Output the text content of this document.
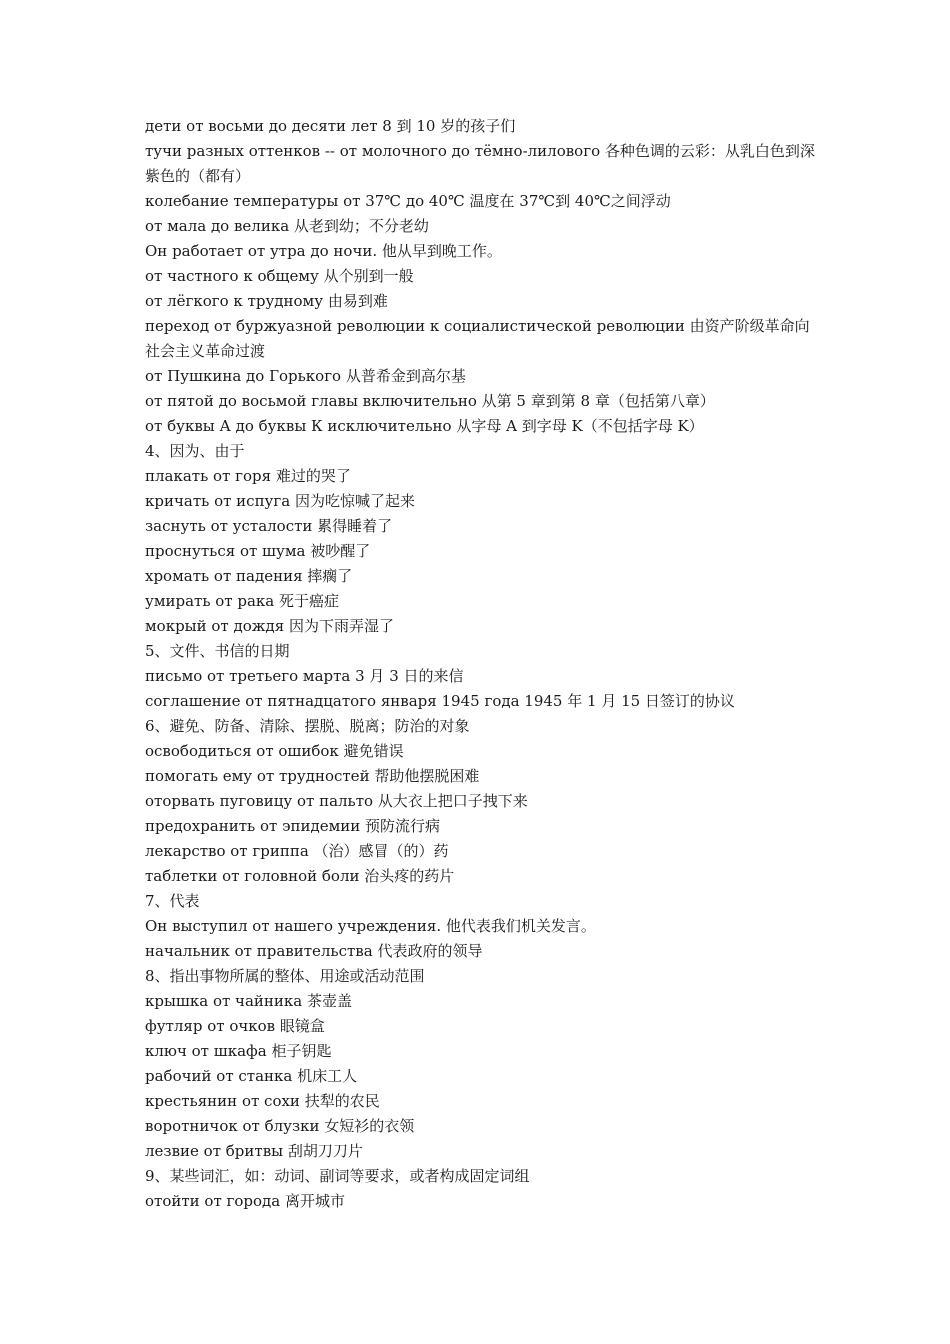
дети от восьми до десяти лет 8 到 10 岁的孩子们

тучи разных оттенков -- от молочного до тёмно-лилового 各种色调的云彩：从乳白色到深紫色的（都有）

колебание температуры от 37℃ до 40℃ 温度在 37℃到 40℃之间浮动

от мала до велика 从老到幼；不分老幼

Он работает от утра до ночи. 他从早到晚工作。

от частного к общему 从个别到一般

от лёгкого к трудному 由易到难

переход от буржуазной революции к социалистической революции 由资产阶级革命向社会主义革命过渡

от Пушкина до Горького 从普希金到高尔基

от пятой до восьмой главы включительно 从第 5 章到第 8 章（包括第八章）

от буквы А до буквы К исключительно 从字母 A 到字母 K（不包括字母 K）

4、因为、由于

плакать от горя 难过的哭了

кричать от испуга 因为吃惊喊了起来

заснуть от усталости 累得睡着了

проснуться от шума 被吵醒了

хромать от падения 摔瘸了

умирать от рака 死于癌症

мокрый от дождя 因为下雨弄湿了

5、文件、书信的日期

письмо от третьего марта 3 月 3 日的来信

соглашение от пятнадцатого января 1945 года 1945 年 1 月 15 日签订的协议

6、避免、防备、清除、摆脱、脱离；防治的对象

освободиться от ошибок 避免错误

помогать ему от трудностей 帮助他摆脱困难

оторвать пуговицу от пальто 从大衣上把口子拽下来

предохранить от эпидемии 预防流行病

лекарство от гриппа （治）感冒（的）药

таблетки от головной боли 治头疼的药片

7、代表

Он выступил от нашего учреждения. 他代表我们机关发言。

начальник от правительства 代表政府的领导

8、指出事物所属的整体、用途或活动范围

крышка от чайника 茶壶盖

футляр от очков 眼镜盒

ключ от шкафа 柜子钥匙

рабочий от станка 机床工人

крестьянин от сохи 扶犁的农民

воротничок от блузки 女短衫的衣领

лезвие от бритвы 刮胡刀刀片

9、某些词汇，如：动词、副词等要求，或者构成固定词组

отойти от города 离开城市
